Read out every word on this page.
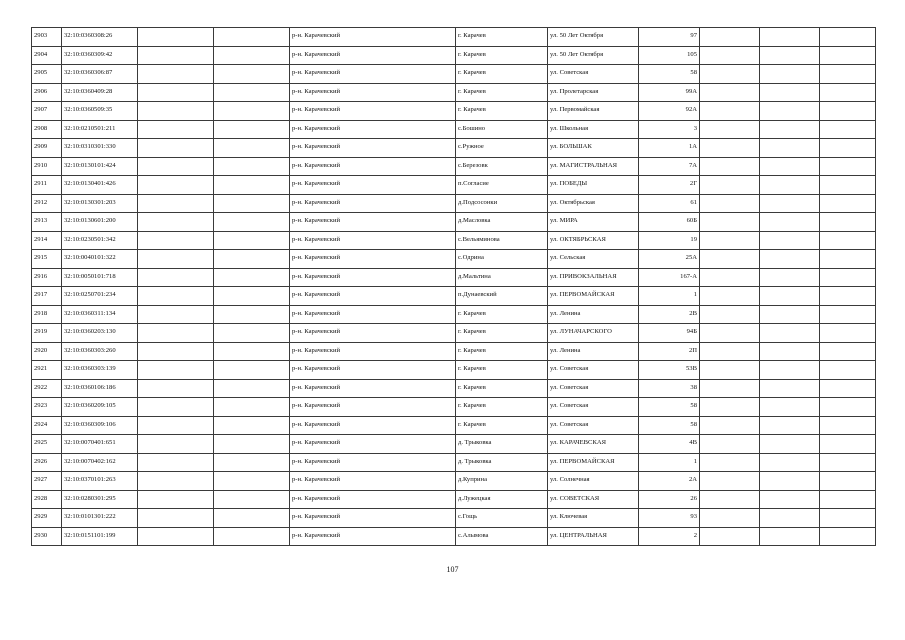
2903	32:10:0360308:26			р-н. Карачевский	г. Карачев	ул. 50 Лет Октября	97			
2904	32:10:0360309:42			р-н. Карачевский	г. Карачев	ул. 50 Лет Октября	105			
2905	32:10:0360306:87			р-н. Карачевский	г. Карачев	ул. Советская	58			
2906	32:10:0360409:28			р-н. Карачевский	г. Карачев	ул. Пролетарская	99А			
2907	32:10:0360509:35			р-н. Карачевский	г. Карачев	ул. Первомайская	92А			
2908	32:10:0210501:211			р-н. Карачевский	с.Бошино	ул. Школьная	3			
2909	32:10:0310301:330			р-н. Карачевский	с.Ружное	ул. БОЛЬШАК	1А			
2910	32:10:0130101:424			р-н. Карачевский	с.Березовк	ул. МАГИСТРАЛЬНАЯ	7А			
2911	32:10:0130401:426			р-н. Карачевский	п.Согласие	ул. ПОБЕДЫ	2Г			
2912	32:10:0130301:203			р-н. Карачевский	д.Подсосонки	ул. Октябрьская	61			
2913	32:10:0130601:200			р-н. Карачевский	д.Масловка	ул. МИРА	60Б			
2914	32:10:0230501:342			р-н. Карачевский	с.Вельяминова	ул. ОКТЯБРЬСКАЯ	19			
2915	32:10:0040101:322			р-н. Карачевский	с.Одрина	ул. Сельская	25А			
2916	32:10:0050101:718			р-н. Карачевский	д.Мальтина	ул. ПРИВОКЗАЛЬНАЯ	167-А			
2917	32:10:0250701:234			р-н. Карачевский	п.Дунаевский	ул. ПЕРВОМАЙСКАЯ	1			
2918	32:10:0360311:134			р-н. Карачевский	г. Карачев	ул. Ленина	2В			
2919	32:10:0360203:130			р-н. Карачевский	г. Карачев	ул. ЛУНАЧАРСКОГО	94Б			
2920	32:10:0360303:260			р-н. Карачевский	г. Карачев	ул. Ленина	2П			
2921	32:10:0360303:139			р-н. Карачевский	г. Карачев	ул. Советская	53В			
2922	32:10:0360106:186			р-н. Карачевский	г. Карачев	ул. Советская	38			
2923	32:10:0360209:105			р-н. Карачевский	г. Карачев	ул. Советская	58			
2924	32:10:0360309:106			р-н. Карачевский	г. Карачев	ул. Советская	58			
2925	32:10:0070401:651			р-н. Карачевский	д. Трыковка	ул. КАРАЧЕВСКАЯ	4В			
2926	32:10:0070402:162			р-н. Карачевский	д. Трыковка	ул. ПЕРВОМАЙСКАЯ	1			
2927	32:10:0370101:263			р-н. Карачевский	д.Куприна	ул. Солнечная	2А			
2928	32:10:0280301:295			р-н. Карачевский	д.Лужецкая	ул. СОВЕТСКАЯ	26			
2929	32:10:0101301:222			р-н. Карачевский	с.Гощь	ул. Ключевая	93			
2930	32:10:0151101:199			р-н. Карачевский	с.Алымова	ул. ЦЕНТРАЛЬНАЯ	2			
107
